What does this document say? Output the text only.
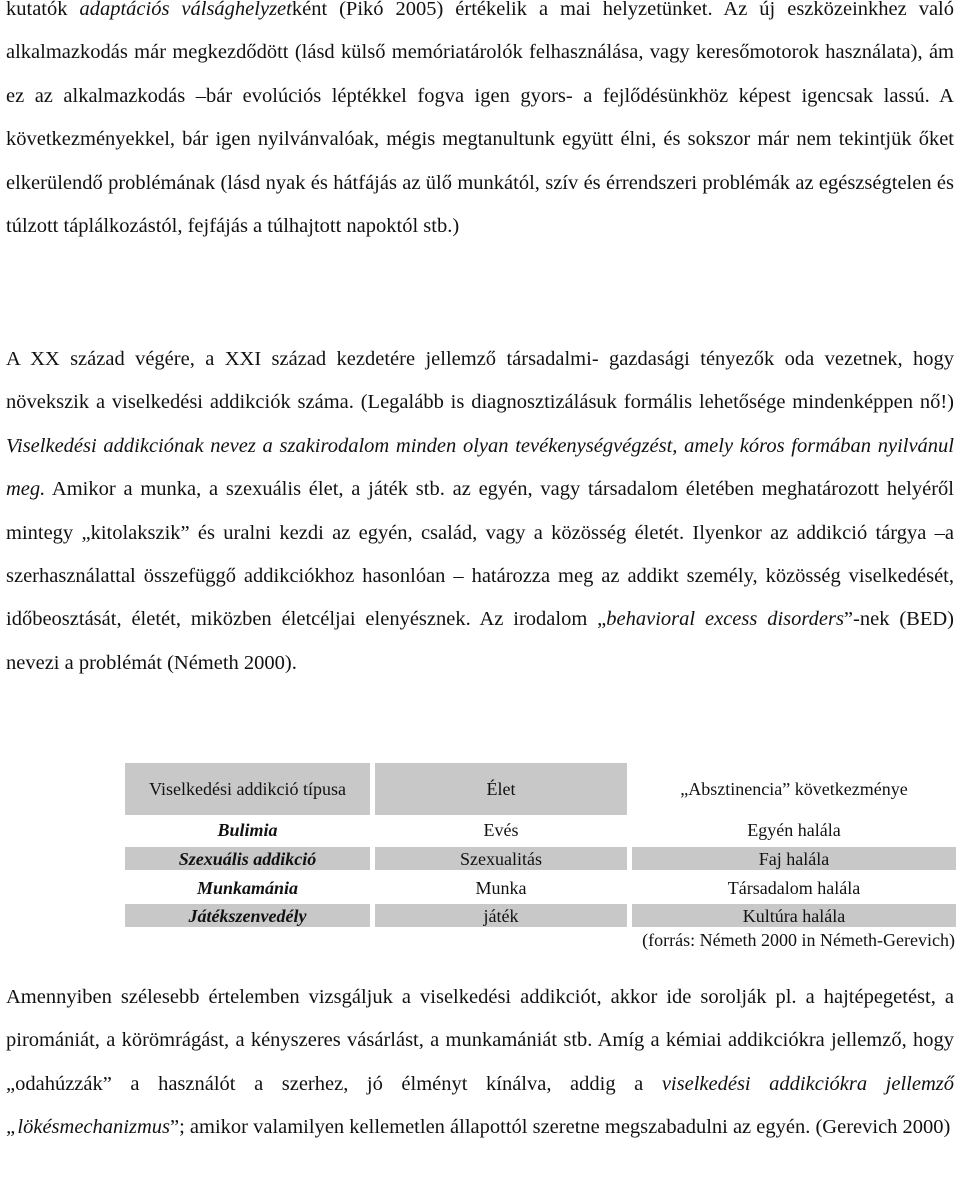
kutatók adaptációs válsághelyzetként (Pikó 2005) értékelik a mai helyzetünket. Az új eszközeinkhez való alkalmazkodás már megkezdődött (lásd külső memóriatárolók felhasználása, vagy keresőmotorok használata), ám ez az alkalmazkodás –bár evolúciós léptékkel fogva igen gyors- a fejlődésünkhöz képest igencsak lassú. A következményekkel, bár igen nyilvánvalóak, mégis megtanultunk együtt élni, és sokszor már nem tekintjük őket elkerülendő problémának (lásd nyak és hátfájás az ülő munkától, szív és érrendszeri problémák az egészségtelen és túlzott táplálkozástól, fejfájás a túlhajtott napoktól stb.)

A XX század végére, a XXI század kezdetére jellemző társadalmi- gazdasági tényezők oda vezetnek, hogy növekszik a viselkedési addikciók száma. (Legalább is diagnosztizálásuk formális lehetősége mindenképpen nő!) Viselkedési addikciónak nevez a szakirodalom minden olyan tevékenységvégzést, amely kóros formában nyilvánul meg. Amikor a munka, a szexuális élet, a játék stb. az egyén, vagy társadalom életében meghatározott helyéről mintegy „kitolakszik” és uralni kezdi az egyén, család, vagy a közösség életét. Ilyenkor az addikció tárgya –a szerhasználattal összefüggő addikciókhoz hasonlóan – határozza meg az addikt személy, közösség viselkedését, időbeosztását, életét, miközben életcéljai elenyésznek. Az irodalom „behavioral excess disorders”-nek (BED) nevezi a problémát (Németh 2000).

Viselkedési addikció típusa	Élet	„Absztinencia” következménye
Bulimia	Evés	Egyén halála
Szexuális addikció	Szexualitás	Faj halála
Munkamánia	Munka	Társadalom halála
Játékszenvedély	játék	Kultúra halála
(forrás: Németh 2000 in Németh-Gerevich)

Amennyiben szélesebb értelemben vizsgáljuk a viselkedési addikciót, akkor ide sorolják pl. a hajtépegetést, a piromániát, a körömrágást, a kényszeres vásárlást, a munkamániát stb. Amíg a kémiai addikciókra jellemző, hogy „odahúzzák” a használót a szerhez, jó élményt kínálva, addig a viselkedési addikciókra jellemző „lökésmechanizmus”; amikor valamilyen kellemetlen állapottól szeretne megszabadulni az egyén. (Gerevich 2000)
